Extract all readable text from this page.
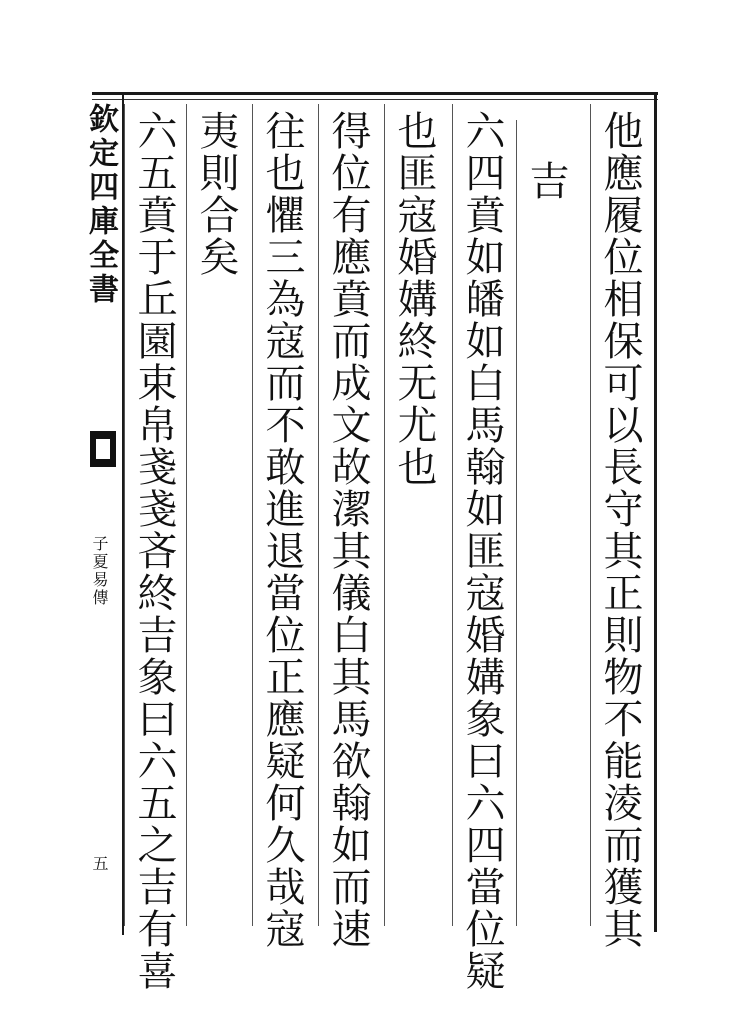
欽定四庫全書
子夏易傳
五	他應履位相保可以長守其正則物不能淩而獲其
吉
六四賁如皤如白馬翰如匪寇婚媾象曰六四當位疑
也匪寇婚媾終无尤也
得位有應賁而成文故潔其儀白其馬欲翰如而速
往也懼三為寇而不敢進退當位正應疑何久哉寇
夷則合矣
六五賁于丘園束帛戔戔吝終吉象曰六五之吉有喜
